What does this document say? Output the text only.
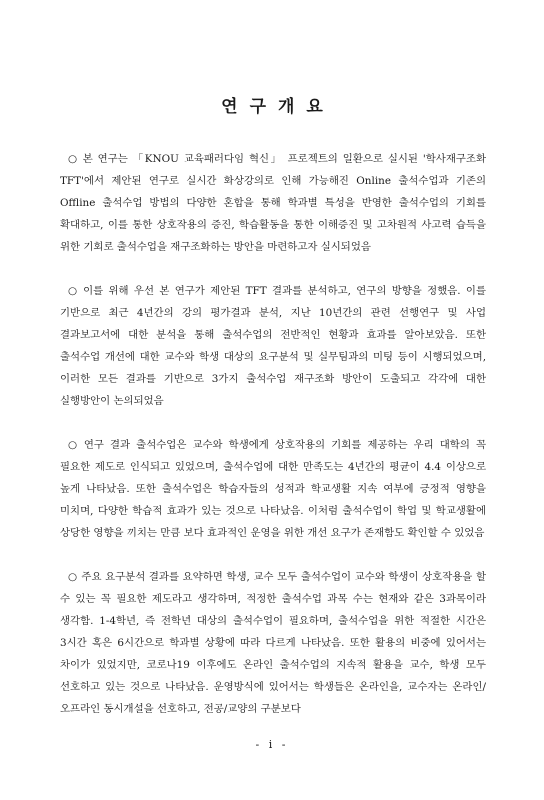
연구개요

○ 본 연구는 「KNOU 교육패러다임 혁신」 프로젝트의 일환으로 실시된 '학사재구조화 TFT'에서 제안된 연구로 실시간 화상강의로 인해 가능해진 Online 출석수업과 기존의 Offline 출석수업 방법의 다양한 혼합을 통해 학과별 특성을 반영한 출석수업의 기회를 확대하고, 이를 통한 상호작용의 증진, 학습활동을 통한 이해증진 및 고차원적 사고력 습득을 위한 기회로 출석수업을 재구조화하는 방안을 마련하고자 실시되었음

○ 이를 위해 우선 본 연구가 제안된 TFT 결과를 분석하고, 연구의 방향을 정했음. 이를 기반으로 최근 4년간의 강의 평가결과 분석, 지난 10년간의 관련 선행연구 및 사업 결과보고서에 대한 분석을 통해 출석수업의 전반적인 현황과 효과를 알아보았음. 또한 출석수업 개선에 대한 교수와 학생 대상의 요구분석 및 실무팀과의 미팅 등이 시행되었으며, 이러한 모든 결과를 기반으로 3가지 출석수업 재구조화 방안이 도출되고 각각에 대한 실행방안이 논의되었음

○ 연구 결과 출석수업은 교수와 학생에게 상호작용의 기회를 제공하는 우리 대학의 꼭 필요한 제도로 인식되고 있었으며, 출석수업에 대한 만족도는 4년간의 평균이 4.4 이상으로 높게 나타났음. 또한 출석수업은 학습자들의 성적과 학교생활 지속 여부에 긍정적 영향을 미치며, 다양한 학습적 효과가 있는 것으로 나타났음. 이처럼 출석수업이 학업 및 학교생활에 상당한 영향을 끼치는 만큼 보다 효과적인 운영을 위한 개선 요구가 존재함도 확인할 수 있었음

○ 주요 요구분석 결과를 요약하면 학생, 교수 모두 출석수업이 교수와 학생이 상호작용을 할 수 있는 꼭 필요한 제도라고 생각하며, 적정한 출석수업 과목 수는 현재와 같은 3과목이라 생각함. 1-4학년, 즉 전학년 대상의 출석수업이 필요하며, 출석수업을 위한 적절한 시간은 3시간 혹은 6시간으로 학과별 상황에 따라 다르게 나타났음. 또한 활용의 비중에 있어서는 차이가 있었지만, 코로나19 이후에도 온라인 출석수업의 지속적 활용을 교수, 학생 모두 선호하고 있는 것으로 나타났음. 운영방식에 있어서는 학생들은 온라인을, 교수자는 온라인/오프라인 동시개설을 선호하고, 전공/교양의 구분보다

- i -
